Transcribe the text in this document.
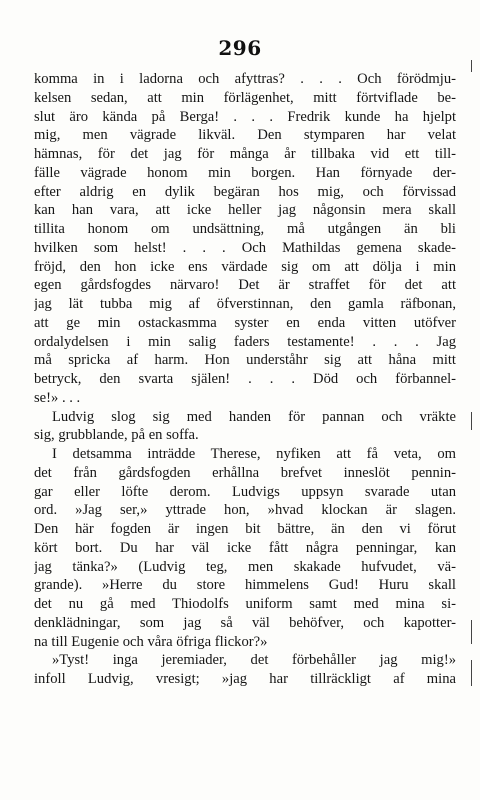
296
komma in i ladorna och afyttras? . . . Och förödmju-
kelsen sedan, att min förlägenhet, mitt förtviflade be-
slut äro kända på Berga! . . . Fredrik kunde ha hjelpt
mig, men vägrade likväl. Den stymparen har velat
hämnas, för det jag för många år tillbaka vid ett till-
fälle vägrade honom min borgen. Han förnyade der-
efter aldrig en dylik begäran hos mig, och förvissad
kan han vara, att icke heller jag någonsin mera skall
tillita honom om undsättning, må utgången än bli
hvilken som helst! . . . Och Mathildas gemena skade-
fröjd, den hon icke ens värdade sig om att dölja i min
egen gårdsfogdes närvaro! Det är straffet för det att
jag lät tubba mig af öfverstinnan, den gamla räfbonan,
att ge min ostackasmma syster en enda vitten utöfver
ordalydelsen i min salig faders testamente! . . . Jag
må spricka af harm. Hon underståhr sig att håna mitt
betryck, den svarta själen! . . . Död och förbannel-
se!» . . .
Ludvig slog sig med handen för pannan och vräkte
sig, grubblande, på en soffa.
I detsamma inträdde Therese, nyfiken att få veta, om
det från gårdsfogden erhållna brefvet inneslöt pennin-
gar eller löfte derom. Ludvigs uppsyn svarade utan
ord. »Jag ser,» yttrade hon, »hvad klockan är slagen.
Den här fogden är ingen bit bättre, än den vi förut
kört bort. Du har väl icke fått några penningar, kan
jag tänka?» (Ludvig teg, men skakade hufvudet, vä-
grande). »Herre du store himmelens Gud! Huru skall
det nu gå med Thiodolfs uniform samt med mina si-
denklädningar, som jag så väl behöfver, och kapotter-
na till Eugenie och våra öfriga flickor?»
»Tyst! inga jeremiader, det förbehåller jag mig!»
infoll Ludvig, vresigt; »jag har tillräckligt af mina
